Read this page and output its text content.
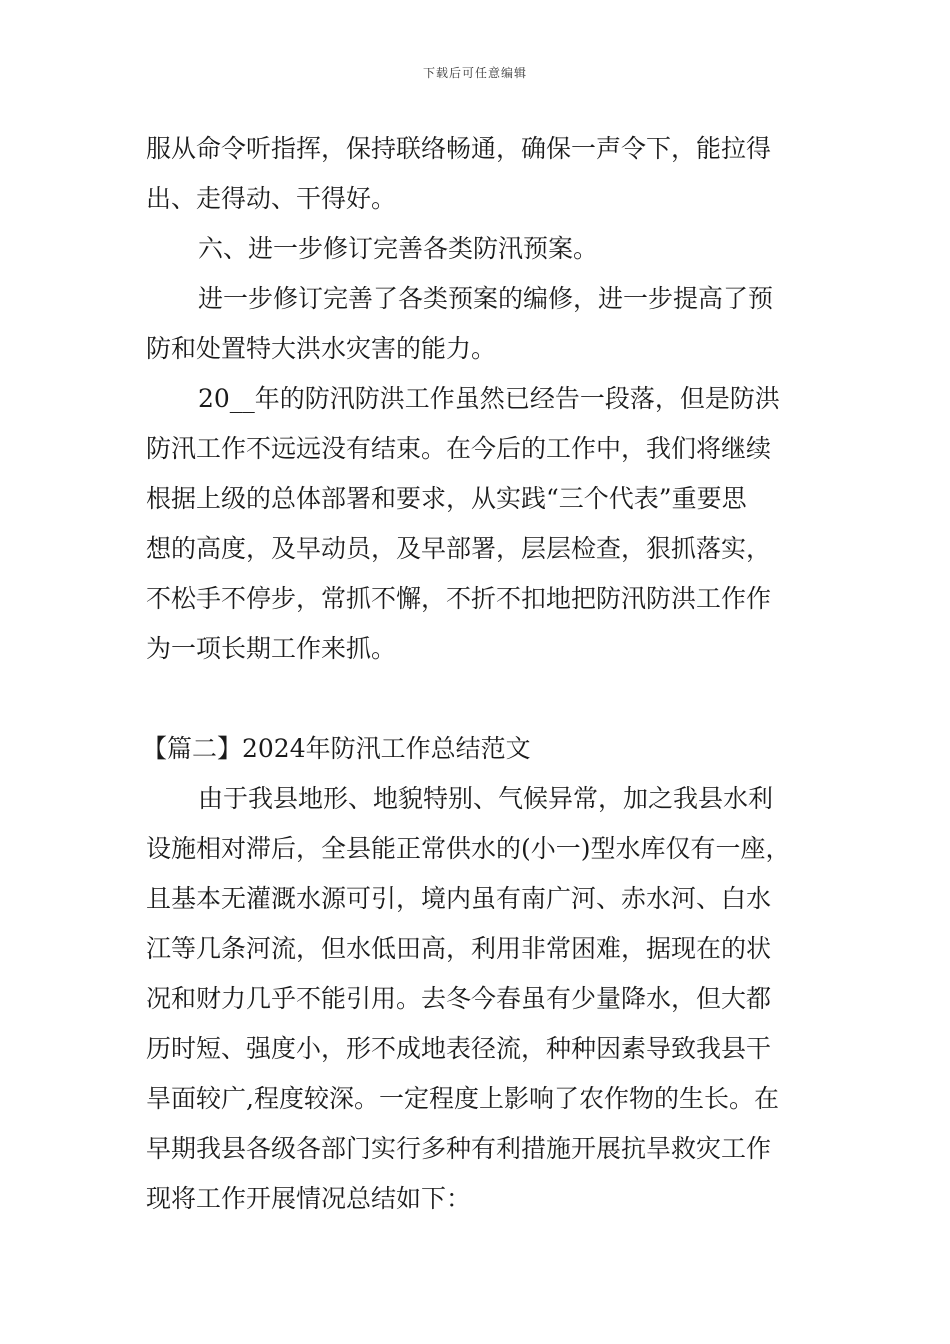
下载后可任意编辑
服从命令听指挥，保持联络畅通，确保一声令下，能拉得
出、走得动、干得好。
六、进一步修订完善各类防汛预案。
进一步修订完善了各类预案的编修，进一步提高了预
防和处置特大洪水灾害的能力。
20__年的防汛防洪工作虽然已经告一段落，但是防洪
防汛工作不远远没有结束。在今后的工作中，我们将继续
根据上级的总体部署和要求，从实践“三个代表”重要思
想的高度，及早动员，及早部署，层层检查，狠抓落实，
不松手不停步，常抓不懈，不折不扣地把防汛防洪工作作
为一项长期工作来抓。
【篇二】2024年防汛工作总结范文
由于我县地形、地貌特别、气候异常，加之我县水利
设施相对滞后，全县能正常供水的(小一)型水库仅有一座，
且基本无灌溉水源可引，境内虽有南广河、赤水河、白水
江等几条河流，但水低田高，利用非常困难，据现在的状
况和财力几乎不能引用。去冬今春虽有少量降水，但大都
历时短、强度小，形不成地表径流，种种因素导致我县干
旱面较广,程度较深。一定程度上影响了农作物的生长。在
早期我县各级各部门实行多种有利措施开展抗旱救灾工作
现将工作开展情况总结如下：
